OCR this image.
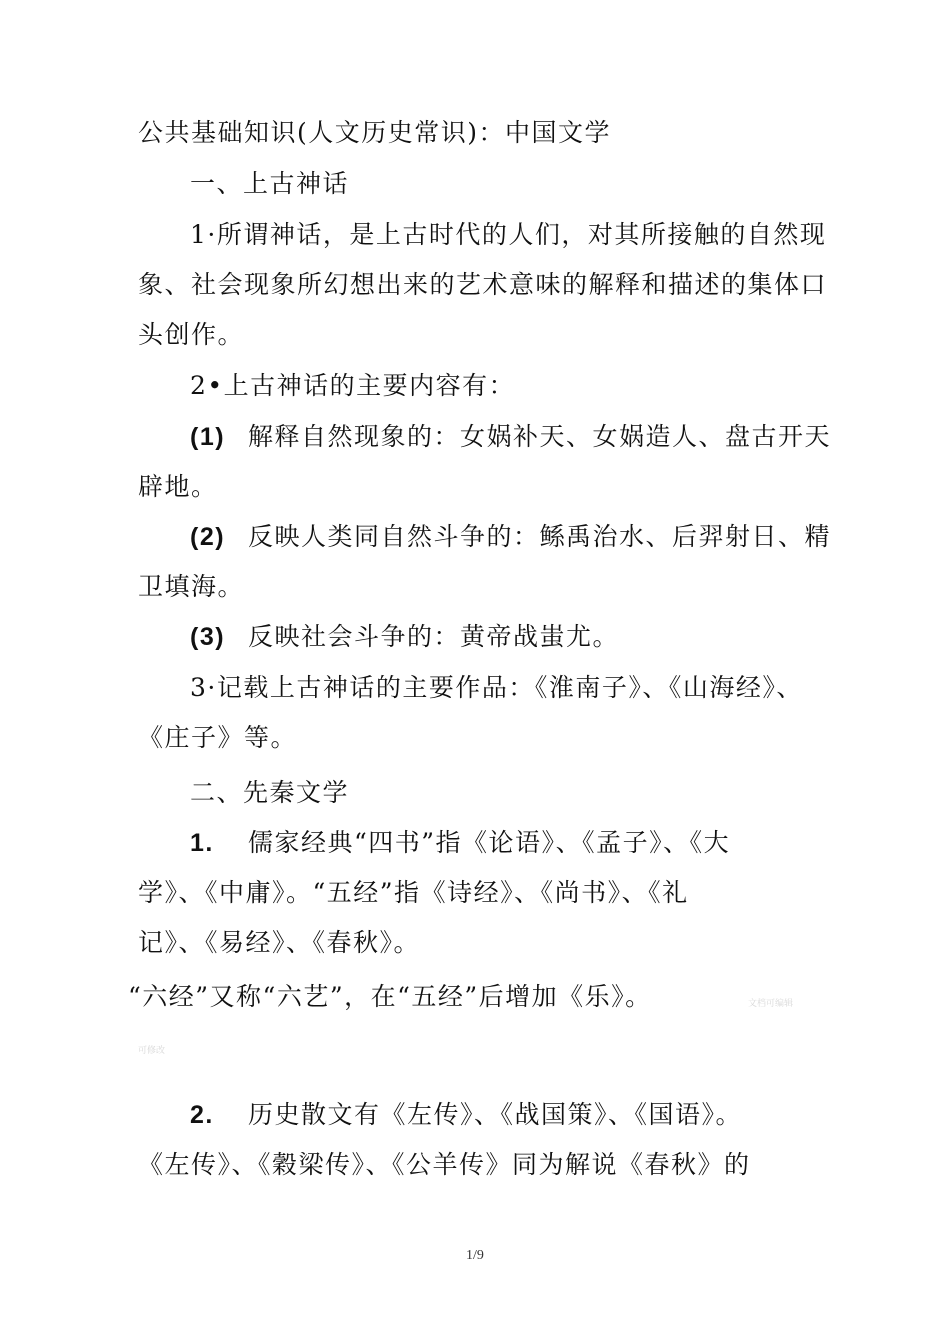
公共基础知识(人文历史常识)：中国文学
一、上古神话
1·所谓神话，是上古时代的人们，对其所接触的自然现
象、社会现象所幻想出来的艺术意味的解释和描述的集体口
头创作。
2•上古神话的主要内容有：
(1) 解释自然现象的：女娲补天、女娲造人、盘古开天
辟地。
(2) 反映人类同自然斗争的：鲧禹治水、后羿射日、精
卫填海。
(3) 反映社会斗争的：黄帝战蚩尤。
3·记载上古神话的主要作品：《淮南子》、《山海经》、
《庄子》等。
二、先秦文学
1. 儒家经典“四书”指《论语》、《孟子》、《大
学》、《中庸》。“五经”指《诗经》、《尚书》、《礼
记》、《易经》、《春秋》。
“六经”又称“六艺”，在“五经”后增加《乐》。	文档可编辑
可修改
2. 历史散文有《左传》、《战国策》、《国语》。
《左传》、《穀梁传》、《公羊传》同为解说《春秋》的
1/9
